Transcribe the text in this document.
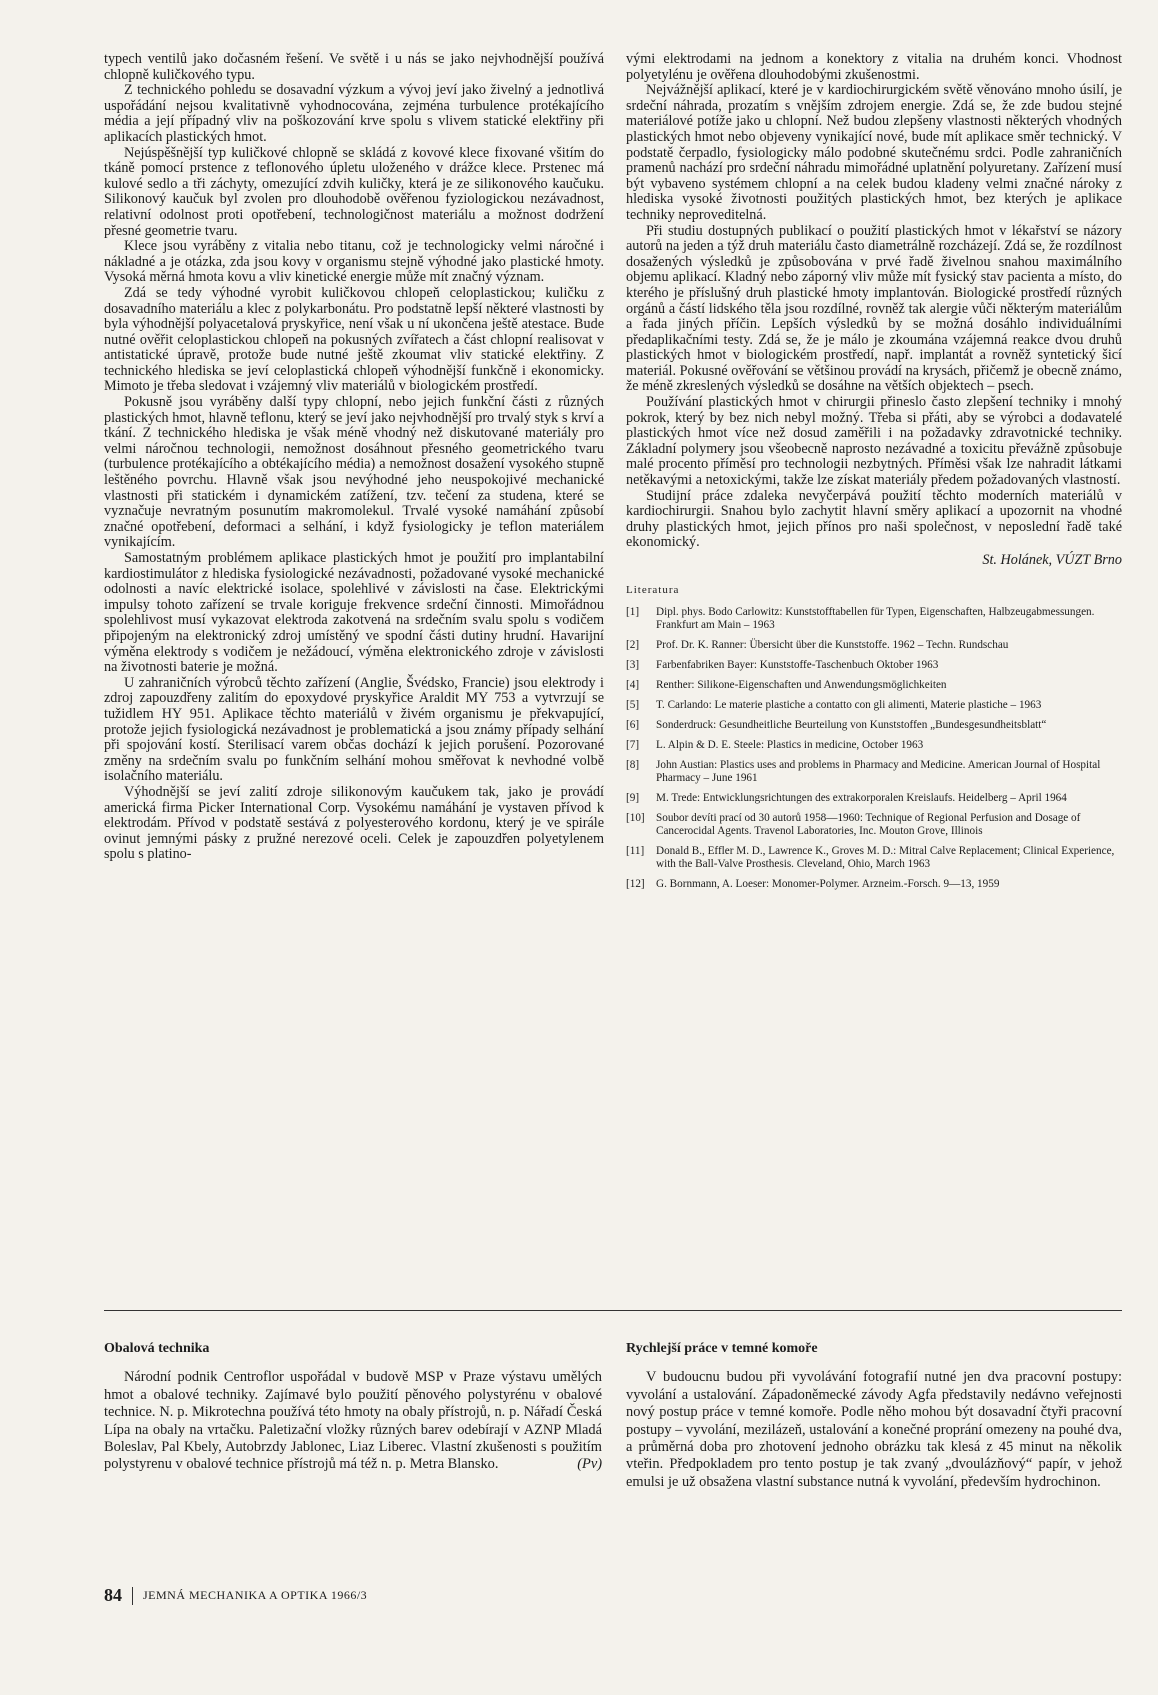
typech ventilů jako dočasném řešení. Ve světě i u nás se jako nejvhodnější používá chlopně kuličkového typu.

Z technického pohledu se dosavadní výzkum a vývoj jeví jako živelný a jednotlivá uspořádání nejsou kvalitativně vyhodnocována, zejména turbulence protékajícího média a její případný vliv na poškozování krve spolu s vlivem statické elektřiny při aplikacích plastických hmot.

Nejúspěšnější typ kuličkové chlopně se skládá z kovové klece fixované všitím do tkáně pomocí prstence z teflonového úpletu uloženého v drážce klece. Prstenec má kulové sedlo a tři záchyty, omezující zdvih kuličky, která je ze silikonového kaučuku. Silikonový kaučuk byl zvolen pro dlouhodobě ověřenou fyziologickou nezávadnost, relativní odolnost proti opotřebení, technologičnost materiálu a možnost dodržení přesné geometrie tvaru.

Klece jsou vyráběny z vitalia nebo titanu, což je technologicky velmi náročné i nákladné a je otázka, zda jsou kovy v organismu stejně výhodné jako plastické hmoty. Vysoká měrná hmota kovu a vliv kinetické energie může mít značný význam.

Zdá se tedy výhodné vyrobit kuličkovou chlopeň celoplastickou; kuličku z dosavadního materiálu a klec z polykarbonátu. Pro podstatně lepší některé vlastnosti by byla výhodnější polyacetalová pryskyřice, není však u ní ukončena ještě atestace. Bude nutné ověřit celoplastickou chlopeň na pokusných zvířatech a část chlopní realisovat v antistatické úpravě, protože bude nutné ještě zkoumat vliv statické elektřiny. Z technického hlediska se jeví celoplastická chlopeň výhodnější funkčně i ekonomicky. Mimoto je třeba sledovat i vzájemný vliv materiálů v biologickém prostředí.

Pokusně jsou vyráběny další typy chlopní, nebo jejich funkční části z různých plastických hmot, hlavně teflonu, který se jeví jako nejvhodnější pro trvalý styk s krví a tkání. Z technického hlediska je však méně vhodný než diskutované materiály pro velmi náročnou technologii, nemožnost dosáhnout přesného geometrického tvaru (turbulence protékajícího a obtékajícího média) a nemožnost dosažení vysokého stupně leštěného povrchu. Hlavně však jsou nevýhodné jeho neuspokojivé mechanické vlastnosti při statickém i dynamickém zatížení, tzv. tečení za studena, které se vyznačuje nevratným posunutím makromolekul. Trvalé vysoké namáhání způsobí značné opotřebení, deformaci a selhání, i když fysiologicky je teflon materiálem vynikajícím.

Samostatným problémem aplikace plastických hmot je použití pro implantabilní kardiostimulátor z hlediska fysiologické nezávadnosti, požadované vysoké mechanické odolnosti a navíc elektrické isolace, spolehlivé v závislosti na čase. Elektrickými impulsy tohoto zařízení se trvale koriguje frekvence srdeční činnosti. Mimořádnou spolehlivost musí vykazovat elektroda zakotvená na srdečním svalu spolu s vodičem připojeným na elektronický zdroj umístěný ve spodní části dutiny hrudní. Havarijní výměna elektrody s vodičem je nežádoucí, výměna elektronického zdroje v závislosti na životnosti baterie je možná.

U zahraničních výrobců těchto zařízení (Anglie, Švédsko, Francie) jsou elektrody i zdroj zapouzdřeny zalitím do epoxydové pryskyřice Araldit MY 753 a vytvrzují se tužidlem HY 951. Aplikace těchto materiálů v živém organismu je překvapující, protože jejich fysiologická nezávadnost je problematická a jsou známy případy selhání při spojování kostí. Sterilisací varem občas dochází k jejich porušení. Pozorované změny na srdečním svalu po funkčním selhání mohou směřovat k nevhodné volbě isolačního materiálu.

Výhodnější se jeví zalití zdroje silikonovým kaučukem tak, jako je provádí americká firma Picker International Corp. Vysokému namáhání je vystaven přívod k elektrodám. Přívod v podstatě sestává z polyesterového kordonu, který je ve spirále ovinut jemnými pásky z pružné nerezové oceli. Celek je zapouzdřen polyetylenem spolu s platino-

vými elektrodami na jednom a konektory z vitalia na druhém konci. Vhodnost polyetylénu je ověřena dlouhodobými zkušenostmi.

Nejvážnější aplikací, které je v kardiochirurgickém světě věnováno mnoho úsilí, je srdeční náhrada, prozatím s vnějším zdrojem energie. Zdá se, že zde budou stejné materiálové potíže jako u chlopní. Než budou zlepšeny vlastnosti některých vhodných plastických hmot nebo objeveny vynikající nové, bude mít aplikace směr technický. V podstatě čerpadlo, fysiologicky málo podobné skutečnému srdci. Podle zahraničních pramenů nachází pro srdeční náhradu mimořádné uplatnění polyuretany. Zařízení musí být vybaveno systémem chlopní a na celek budou kladeny velmi značné nároky z hlediska vysoké životnosti použitých plastických hmot, bez kterých je aplikace techniky neproveditelná.

Při studiu dostupných publikací o použití plastických hmot v lékařství se názory autorů na jeden a týž druh materiálu často diametrálně rozcházejí. Zdá se, že rozdílnost dosažených výsledků je způsobována v prvé řadě živelnou snahou maximálního objemu aplikací. Kladný nebo záporný vliv může mít fysický stav pacienta a místo, do kterého je příslušný druh plastické hmoty implantován. Biologické prostředí různých orgánů a částí lidského těla jsou rozdílné, rovněž tak alergie vůči některým materiálům a řada jiných příčin. Lepších výsledků by se možná dosáhlo individuálními předaplikačními testy. Zdá se, že je málo je zkoumána vzájemná reakce dvou druhů plastických hmot v biologickém prostředí, např. implantát a rovněž syntetický šicí materiál. Pokusné ověřování se většinou provádí na krysách, přičemž je obecně známo, že méně zkreslených výsledků se dosáhne na větších objektech – psech.

Používání plastických hmot v chirurgii přineslo často zlepšení techniky i mnohý pokrok, který by bez nich nebyl možný. Třeba si přáti, aby se výrobci a dodavatelé plastických hmot více než dosud zaměřili i na požadavky zdravotnické techniky. Základní polymery jsou všeobecně naprosto nezávadné a toxicitu převážně způsobuje malé procento příměsí pro technologii nezbytných. Příměsi však lze nahradit látkami netěkavými a netoxickými, takže lze získat materiály předem požadovaných vlastností.

Studijní práce zdaleka nevyčerpává použití těchto moderních materiálů v kardiochirurgii. Snahou bylo zachytit hlavní směry aplikací a upozornit na vhodné druhy plastických hmot, jejich přínos pro naši společnost, v neposlední řadě také ekonomický.

St. Holánek, VÚZT Brno
Literatura
[1]	Dipl. phys. Bodo Carlowitz: Kunststofftabellen für Typen, Eigenschaften, Halbzeugabmessungen. Frankfurt am Main – 1963
[2]	Prof. Dr. K. Ranner: Übersicht über die Kunststoffe. 1962 – Techn. Rundschau
[3]	Farbenfabriken Bayer: Kunststoffe-Taschenbuch Oktober 1963
[4]	Renther: Silikone-Eigenschaften und Anwendungsmöglichkeiten
[5]	T. Carlando: Le materie plastiche a contatto con gli alimenti, Materie plastiche – 1963
[6]	Sonderdruck: Gesundheitliche Beurteilung von Kunststoffen „Bundesgesundheitsblatt“
[7]	L. Alpin & D. E. Steele: Plastics in medicine, October 1963
[8]	John Austian: Plastics uses and problems in Pharmacy and Medicine. American Journal of Hospital Pharmacy – June 1961
[9]	M. Trede: Entwicklungsrichtungen des extrakorporalen Kreislaufs. Heidelberg – April 1964
[10]	Soubor devíti prací od 30 autorů 1958—1960: Technique of Regional Perfusion and Dosage of Cancerocidal Agents. Travenol Laboratories, Inc. Mouton Grove, Illinois
[11]	Donald B., Effler M. D., Lawrence K., Groves M. D.: Mitral Calve Replacement; Clinical Experience, with the Ball-Valve Prosthesis. Cleveland, Ohio, March 1963
[12]	G. Bornmann, A. Loeser: Monomer-Polymer. Arzneim.-Forsch. 9—13, 1959
Obalová technika

Národní podnik Centroflor uspořádal v budově MSP v Praze výstavu umělých hmot a obalové techniky. Zajímavé bylo použití pěnového polystyrénu v obalové technice. N. p. Mikrotechna používá této hmoty na obaly přístrojů, n. p. Nářadí Česká Lípa na obaly na vrtačku. Paletizační vložky různých barev odebírají v AZNP Mladá Boleslav, Pal Kbely, Autobrzdy Jablonec, Liaz Liberec. Vlastní zkušenosti s použitím polystyrenu v obalové technice přístrojů má též n. p. Metra Blansko.	(Pv)

Rychlejší práce v temné komoře

V budoucnu budou při vyvolávání fotografií nutné jen dva pracovní postupy: vyvolání a ustalování. Západoněmecké závody Agfa představily nedávno veřejnosti nový postup práce v temné komoře. Podle něho mohou být dosavadní čtyři pracovní postupy – vyvolání, mezilázeň, ustalování a konečné proprání omezeny na pouhé dva, a průměrná doba pro zhotovení jednoho obrázku tak klesá z 45 minut na několik vteřin. Předpokladem pro tento postup je tak zvaný „dvoulázňový“ papír, v jehož emulsi je už obsažena vlastní substance nutná k vyvolání, především hydrochinon.

84 JEMNÁ MECHANIKA A OPTIKA 1966/3
